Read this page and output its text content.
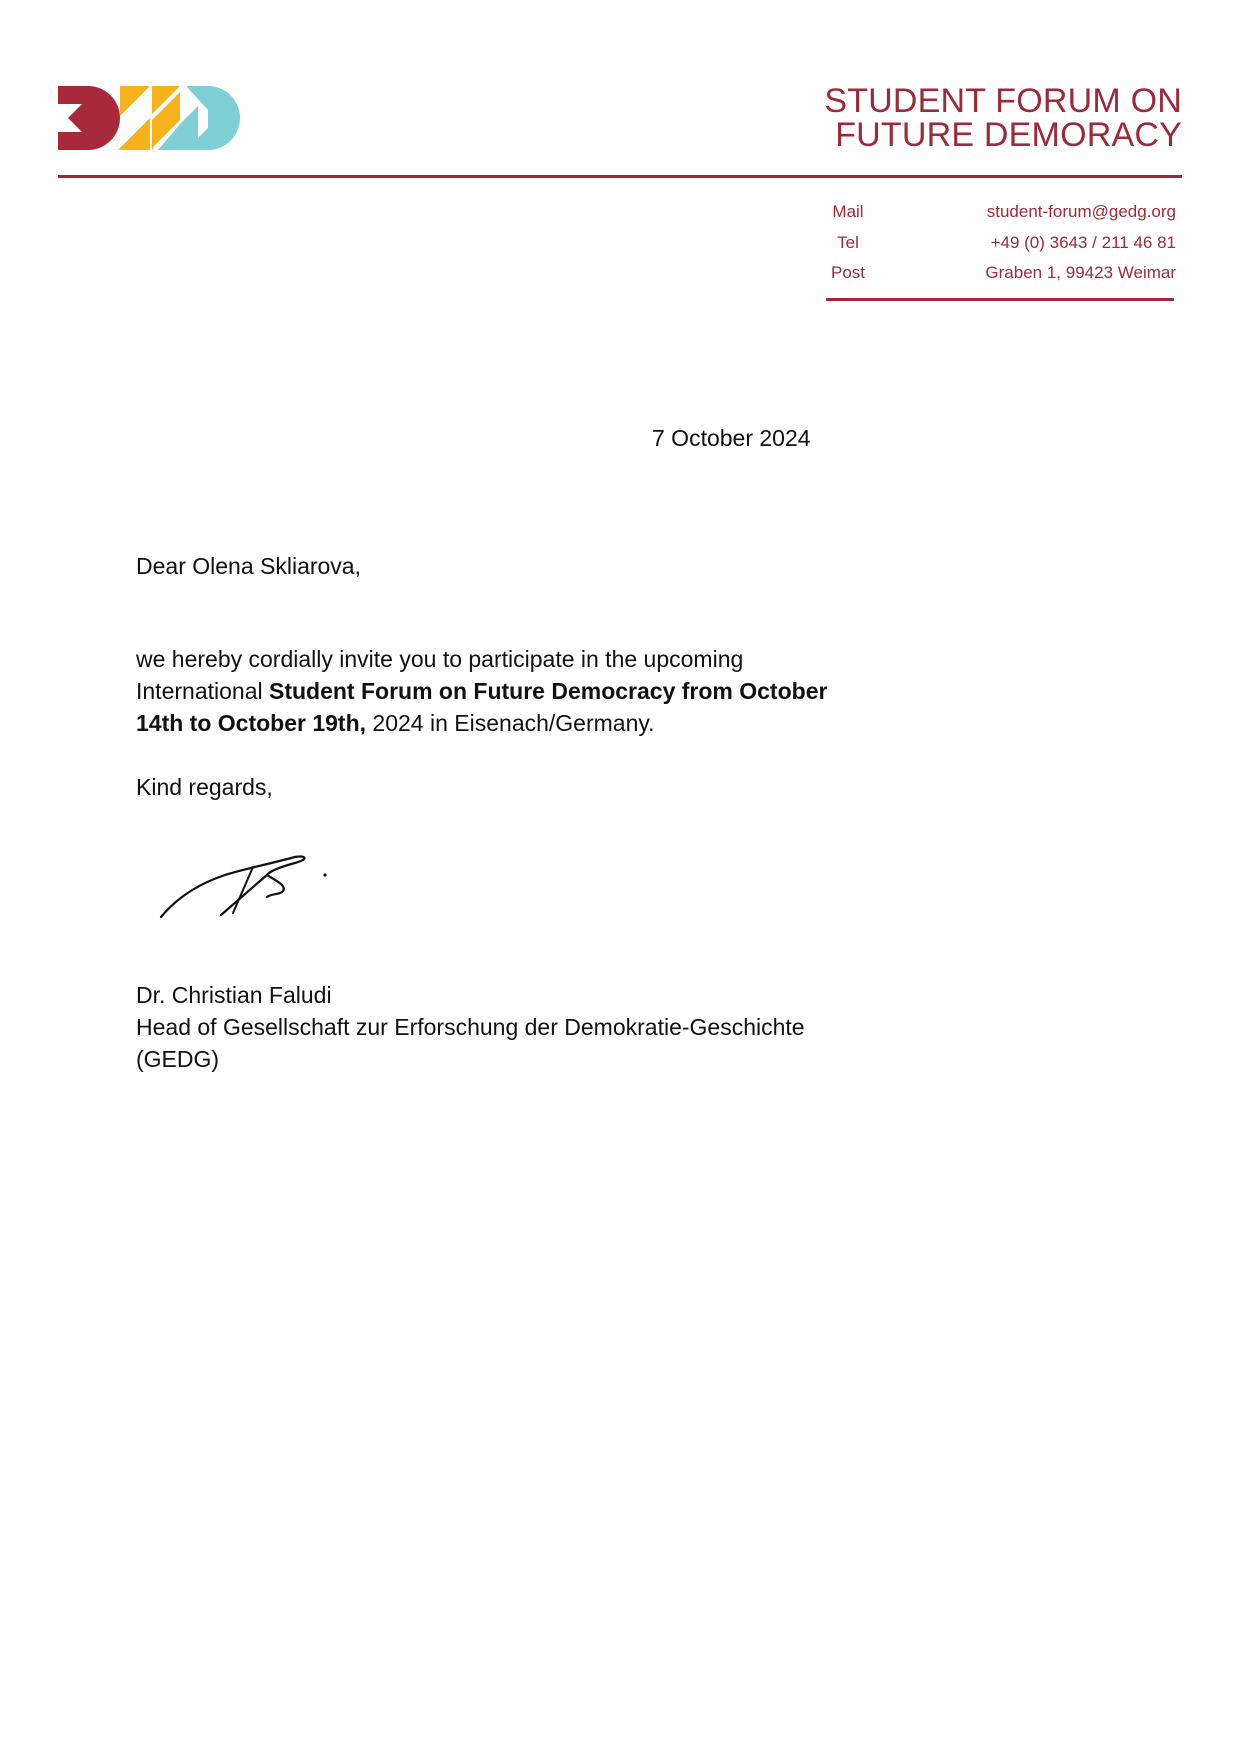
STUDENT FORUM ON
FUTURE DEMORACY
Mail	student-forum@gedg.org
Tel	+49 (0) 3643 / 211 46 81
Post	Graben 1, 99423 Weimar
7 October 2024
Dear Olena Skliarova,
we hereby cordially invite you to participate in the upcoming International Student Forum on Future Democracy from October 14th to October 19th, 2024 in Eisenach/Germany.
Kind regards,
Dr. Christian Faludi
Head of Gesellschaft zur Erforschung der Demokratie-Geschichte (GEDG)
